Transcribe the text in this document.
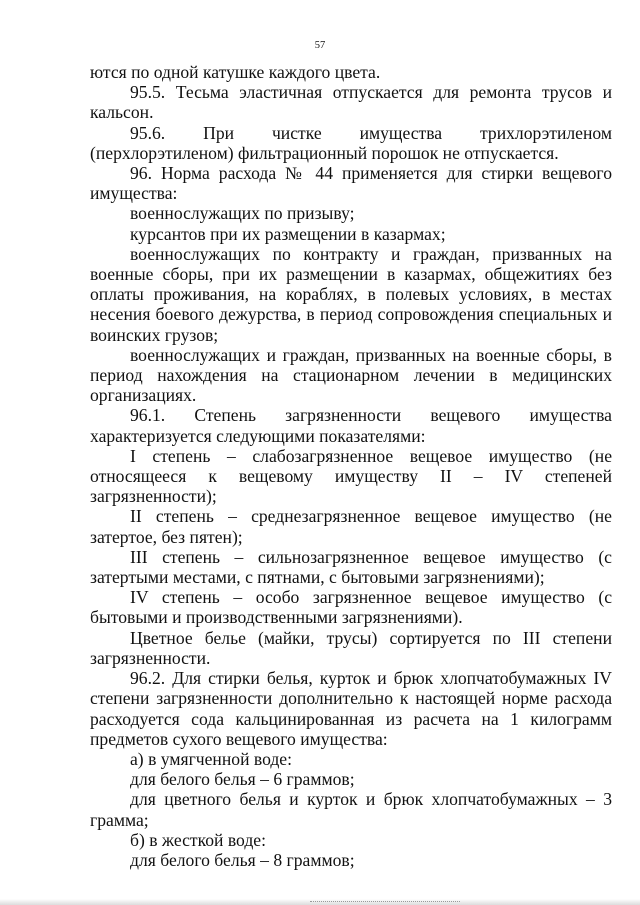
57

ются по одной катушке каждого цвета.

95.5. Тесьма эластичная отпускается для ремонта трусов и кальсон.

95.6. При чистке имущества трихлорэтиленом (перхлорэтиленом) фильтрационный порошок не отпускается.

96. Норма расхода № 44 применяется для стирки вещевого имущества:

военнослужащих по призыву;

курсантов при их размещении в казармах;

военнослужащих по контракту и граждан, призванных на военные сборы, при их размещении в казармах, общежитиях без оплаты проживания, на кораблях, в полевых условиях, в местах несения боевого дежурства, в период сопровождения специальных и воинских грузов;

военнослужащих и граждан, призванных на военные сборы, в период нахождения на стационарном лечении в медицинских организациях.

96.1. Степень загрязненности вещевого имущества характеризуется следующими показателями:

I степень – слабозагрязненное вещевое имущество (не относящееся к вещевому имуществу II – IV степеней загрязненности);

II степень – среднезагрязненное вещевое имущество (не затертое, без пятен);

III степень – сильнозагрязненное вещевое имущество (с затертыми местами, с пятнами, с бытовыми загрязнениями);

IV степень – особо загрязненное вещевое имущество (с бытовыми и производственными загрязнениями).

Цветное белье (майки, трусы) сортируется по III степени загрязненности.

96.2. Для стирки белья, курток и брюк хлопчатобумажных IV степени загрязненности дополнительно к настоящей норме расхода расходуется сода кальцинированная из расчета на 1 килограмм предметов сухого вещевого имущества:

а) в умягченной воде:

для белого белья – 6 граммов;

для цветного белья и курток и брюк хлопчатобумажных – 3 грамма;

б) в жесткой воде:

для белого белья – 8 граммов;
